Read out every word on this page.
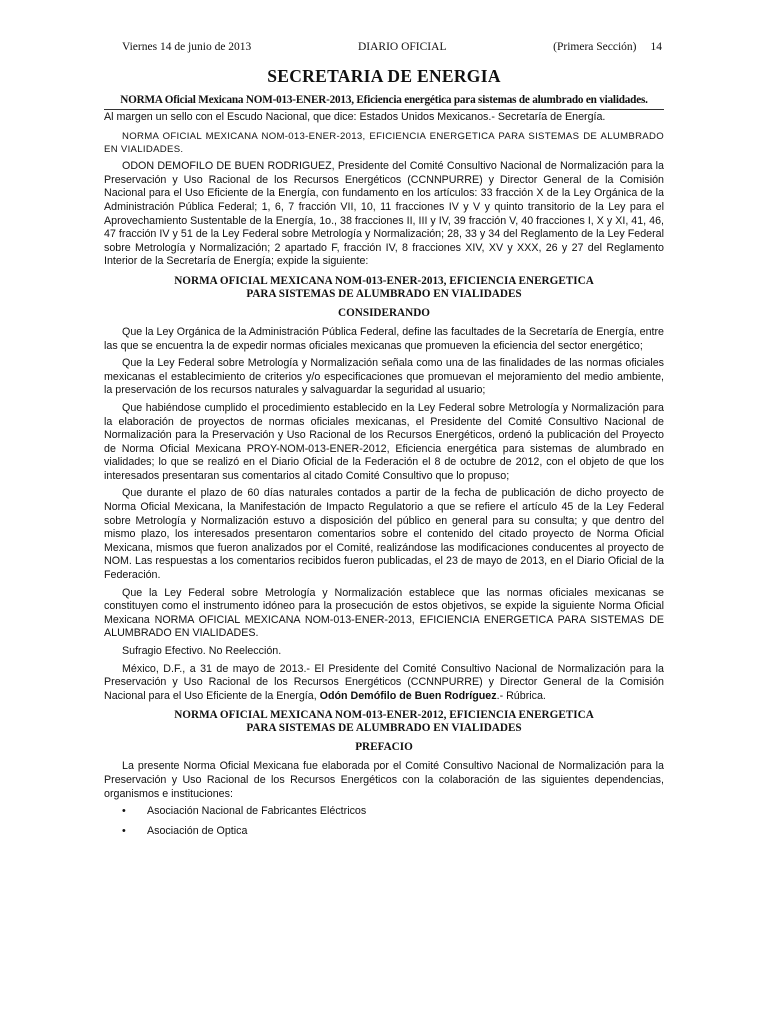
Viernes 14 de junio de 2013	DIARIO OFICIAL	(Primera Sección) 14
SECRETARIA DE ENERGIA
NORMA Oficial Mexicana NOM-013-ENER-2013, Eficiencia energética para sistemas de alumbrado en vialidades.
Al margen un sello con el Escudo Nacional, que dice: Estados Unidos Mexicanos.- Secretaría de Energía.

NORMA OFICIAL MEXICANA NOM-013-ENER-2013, EFICIENCIA ENERGETICA PARA SISTEMAS DE ALUMBRADO EN VIALIDADES.

ODON DEMOFILO DE BUEN RODRIGUEZ, Presidente del Comité Consultivo Nacional de Normalización para la Preservación y Uso Racional de los Recursos Energéticos (CCNNPURRE) y Director General de la Comisión Nacional para el Uso Eficiente de la Energía, con fundamento en los artículos: 33 fracción X de la Ley Orgánica de la Administración Pública Federal; 1, 6, 7 fracción VII, 10, 11 fracciones IV y V y quinto transitorio de la Ley para el Aprovechamiento Sustentable de la Energía, 1o., 38 fracciones II, III y IV, 39 fracción V, 40 fracciones I, X y XI, 41, 46, 47 fracción IV y 51 de la Ley Federal sobre Metrología y Normalización; 28, 33 y 34 del Reglamento de la Ley Federal sobre Metrología y Normalización; 2 apartado F, fracción IV, 8 fracciones XIV, XV y XXX, 26 y 27 del Reglamento Interior de la Secretaría de Energía; expide la siguiente:

NORMA OFICIAL MEXICANA NOM-013-ENER-2013, EFICIENCIA ENERGETICA
PARA SISTEMAS DE ALUMBRADO EN VIALIDADES
CONSIDERANDO

Que la Ley Orgánica de la Administración Pública Federal, define las facultades de la Secretaría de Energía, entre las que se encuentra la de expedir normas oficiales mexicanas que promueven la eficiencia del sector energético;

Que la Ley Federal sobre Metrología y Normalización señala como una de las finalidades de las normas oficiales mexicanas el establecimiento de criterios y/o especificaciones que promuevan el mejoramiento del medio ambiente, la preservación de los recursos naturales y salvaguardar la seguridad al usuario;

Que habiéndose cumplido el procedimiento establecido en la Ley Federal sobre Metrología y Normalización para la elaboración de proyectos de normas oficiales mexicanas, el Presidente del Comité Consultivo Nacional de Normalización para la Preservación y Uso Racional de los Recursos Energéticos, ordenó la publicación del Proyecto de Norma Oficial Mexicana PROY-NOM-013-ENER-2012, Eficiencia energética para sistemas de alumbrado en vialidades; lo que se realizó en el Diario Oficial de la Federación el 8 de octubre de 2012, con el objeto de que los interesados presentaran sus comentarios al citado Comité Consultivo que lo propuso;

Que durante el plazo de 60 días naturales contados a partir de la fecha de publicación de dicho proyecto de Norma Oficial Mexicana, la Manifestación de Impacto Regulatorio a que se refiere el artículo 45 de la Ley Federal sobre Metrología y Normalización estuvo a disposición del público en general para su consulta; y que dentro del mismo plazo, los interesados presentaron comentarios sobre el contenido del citado proyecto de Norma Oficial Mexicana, mismos que fueron analizados por el Comité, realizándose las modificaciones conducentes al proyecto de NOM. Las respuestas a los comentarios recibidos fueron publicadas, el 23 de mayo de 2013, en el Diario Oficial de la Federación.

Que la Ley Federal sobre Metrología y Normalización establece que las normas oficiales mexicanas se constituyen como el instrumento idóneo para la prosecución de estos objetivos, se expide la siguiente Norma Oficial Mexicana NORMA OFICIAL MEXICANA NOM-013-ENER-2013, EFICIENCIA ENERGETICA PARA SISTEMAS DE ALUMBRADO EN VIALIDADES.

Sufragio Efectivo. No Reelección.

México, D.F., a 31 de mayo de 2013.- El Presidente del Comité Consultivo Nacional de Normalización para la Preservación y Uso Racional de los Recursos Energéticos (CCNNPURRE) y Director General de la Comisión Nacional para el Uso Eficiente de la Energía, Odón Demófilo de Buen Rodríguez.- Rúbrica.

NORMA OFICIAL MEXICANA NOM-013-ENER-2012, EFICIENCIA ENERGETICA
PARA SISTEMAS DE ALUMBRADO EN VIALIDADES
PREFACIO

La presente Norma Oficial Mexicana fue elaborada por el Comité Consultivo Nacional de Normalización para la Preservación y Uso Racional de los Recursos Energéticos con la colaboración de las siguientes dependencias, organismos e instituciones:

• Asociación Nacional de Fabricantes Eléctricos
• Asociación de Optica
